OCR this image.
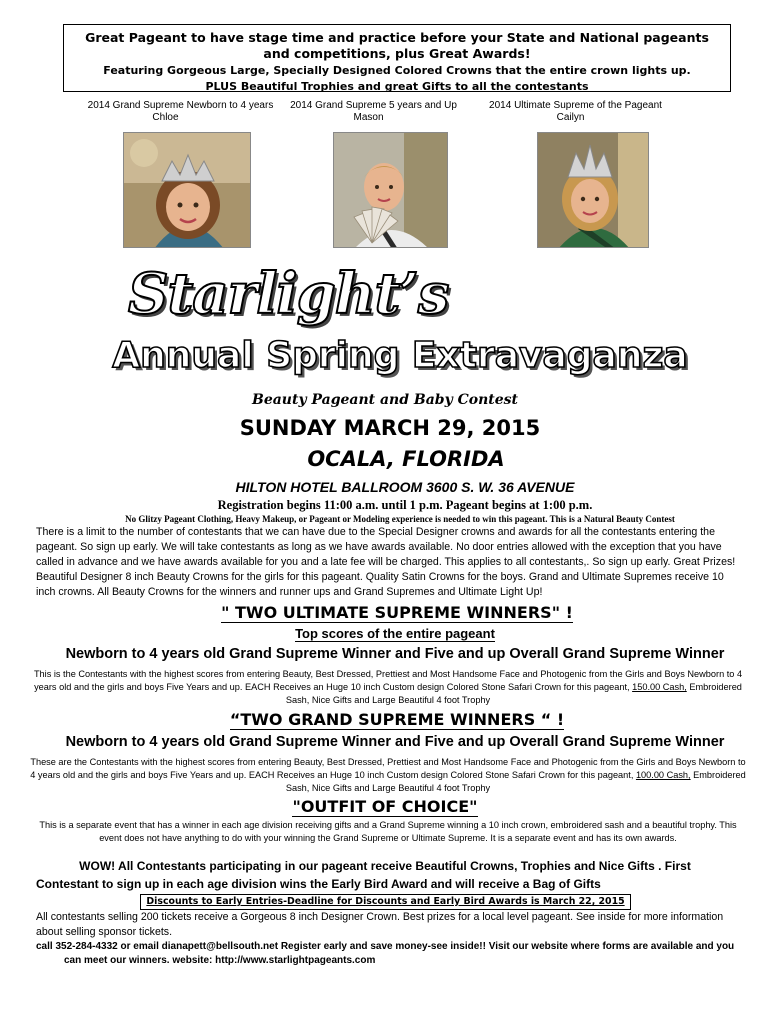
Great Pageant to have stage time and practice before your State and National pageants and competitions, plus Great Awards!
Featuring Gorgeous Large, Specially Designed Colored Crowns that the entire crown lights up.
PLUS Beautiful Trophies and great Gifts to all the contestants
2014 Grand Supreme Newborn to 4 years
Chloe
2014 Grand Supreme 5 years and Up
Mason
2014 Ultimate Supreme of the Pageant
Cailyn
Starlight’s
Annual Spring Extravaganza
Beauty Pageant and Baby Contest
SUNDAY MARCH 29, 2015
OCALA, FLORIDA
HILTON HOTEL BALLROOM 3600 S. W. 36 AVENUE
Registration begins 11:00 a.m. until 1 p.m. Pageant begins at 1:00 p.m.
No Glitzy Pageant Clothing, Heavy Makeup, or Pageant or Modeling experience is needed to win this pageant. This is a Natural Beauty Contest
There is a limit to the number of contestants that we can have due to the Special Designer crowns and awards for all the contestants entering the pageant. So sign up early. We will take contestants as long as we have awards available. No door entries allowed with the exception that you have called in advance and we have awards available for you and a late fee will be charged. This applies to all contestants,. So sign up early. Great Prizes! Beautiful Designer 8 inch Beauty Crowns for the girls for this pageant. Quality Satin Crowns for the boys. Grand and Ultimate Supremes receive 10 inch crowns. All Beauty Crowns for the winners and runner ups and Grand Supremes and Ultimate Light Up!
" TWO ULTIMATE SUPREME WINNERS" !
Top scores of the entire pageant
Newborn to 4 years old Grand Supreme Winner and Five and up Overall Grand Supreme Winner
This is the Contestants with the highest scores from entering Beauty, Best Dressed, Prettiest and Most Handsome Face and Photogenic from the Girls and Boys Newborn to 4 years old and the girls and boys Five Years and up. EACH Receives an Huge 10 inch Custom design Colored Stone Safari Crown for this pageant, 150.00 Cash, Embroidered Sash, Nice Gifts and Large Beautiful 4 foot Trophy
“TWO GRAND SUPREME WINNERS “ !
Newborn to 4 years old Grand Supreme Winner and Five and up Overall Grand Supreme Winner
These are the Contestants with the highest scores from entering Beauty, Best Dressed, Prettiest and Most Handsome Face and Photogenic from the Girls and Boys Newborn to 4 years old and the girls and boys Five Years and up. EACH Receives an Huge 10 inch Custom design Colored Stone Safari Crown for this pageant, 100.00 Cash, Embroidered Sash, Nice Gifts and Large Beautiful 4 foot Trophy
"OUTFIT OF CHOICE"
This is a separate event that has a winner in each age division receiving gifts and a Grand Supreme winning a 10 inch crown, embroidered sash and a beautiful trophy. This event does not have anything to do with your winning the Grand Supreme or Ultimate Supreme. It is a separate event and has its own awards.
WOW! All Contestants participating in our pageant receive Beautiful Crowns, Trophies and Nice Gifts . First
Contestant to sign up in each age division wins the Early Bird Award and will receive a Bag of Gifts
Discounts to Early Entries-Deadline for Discounts and Early Bird Awards is March 22, 2015
All contestants selling 200 tickets receive a Gorgeous 8 inch Designer Crown. Best prizes for a local level pageant. See inside for more information about selling sponsor tickets.
call 352-284-4332 or email dianapett@bellsouth.net Register early and save money-see inside!! Visit our website where forms are available and you
can meet our winners. website: http://www.starlightpageants.com
